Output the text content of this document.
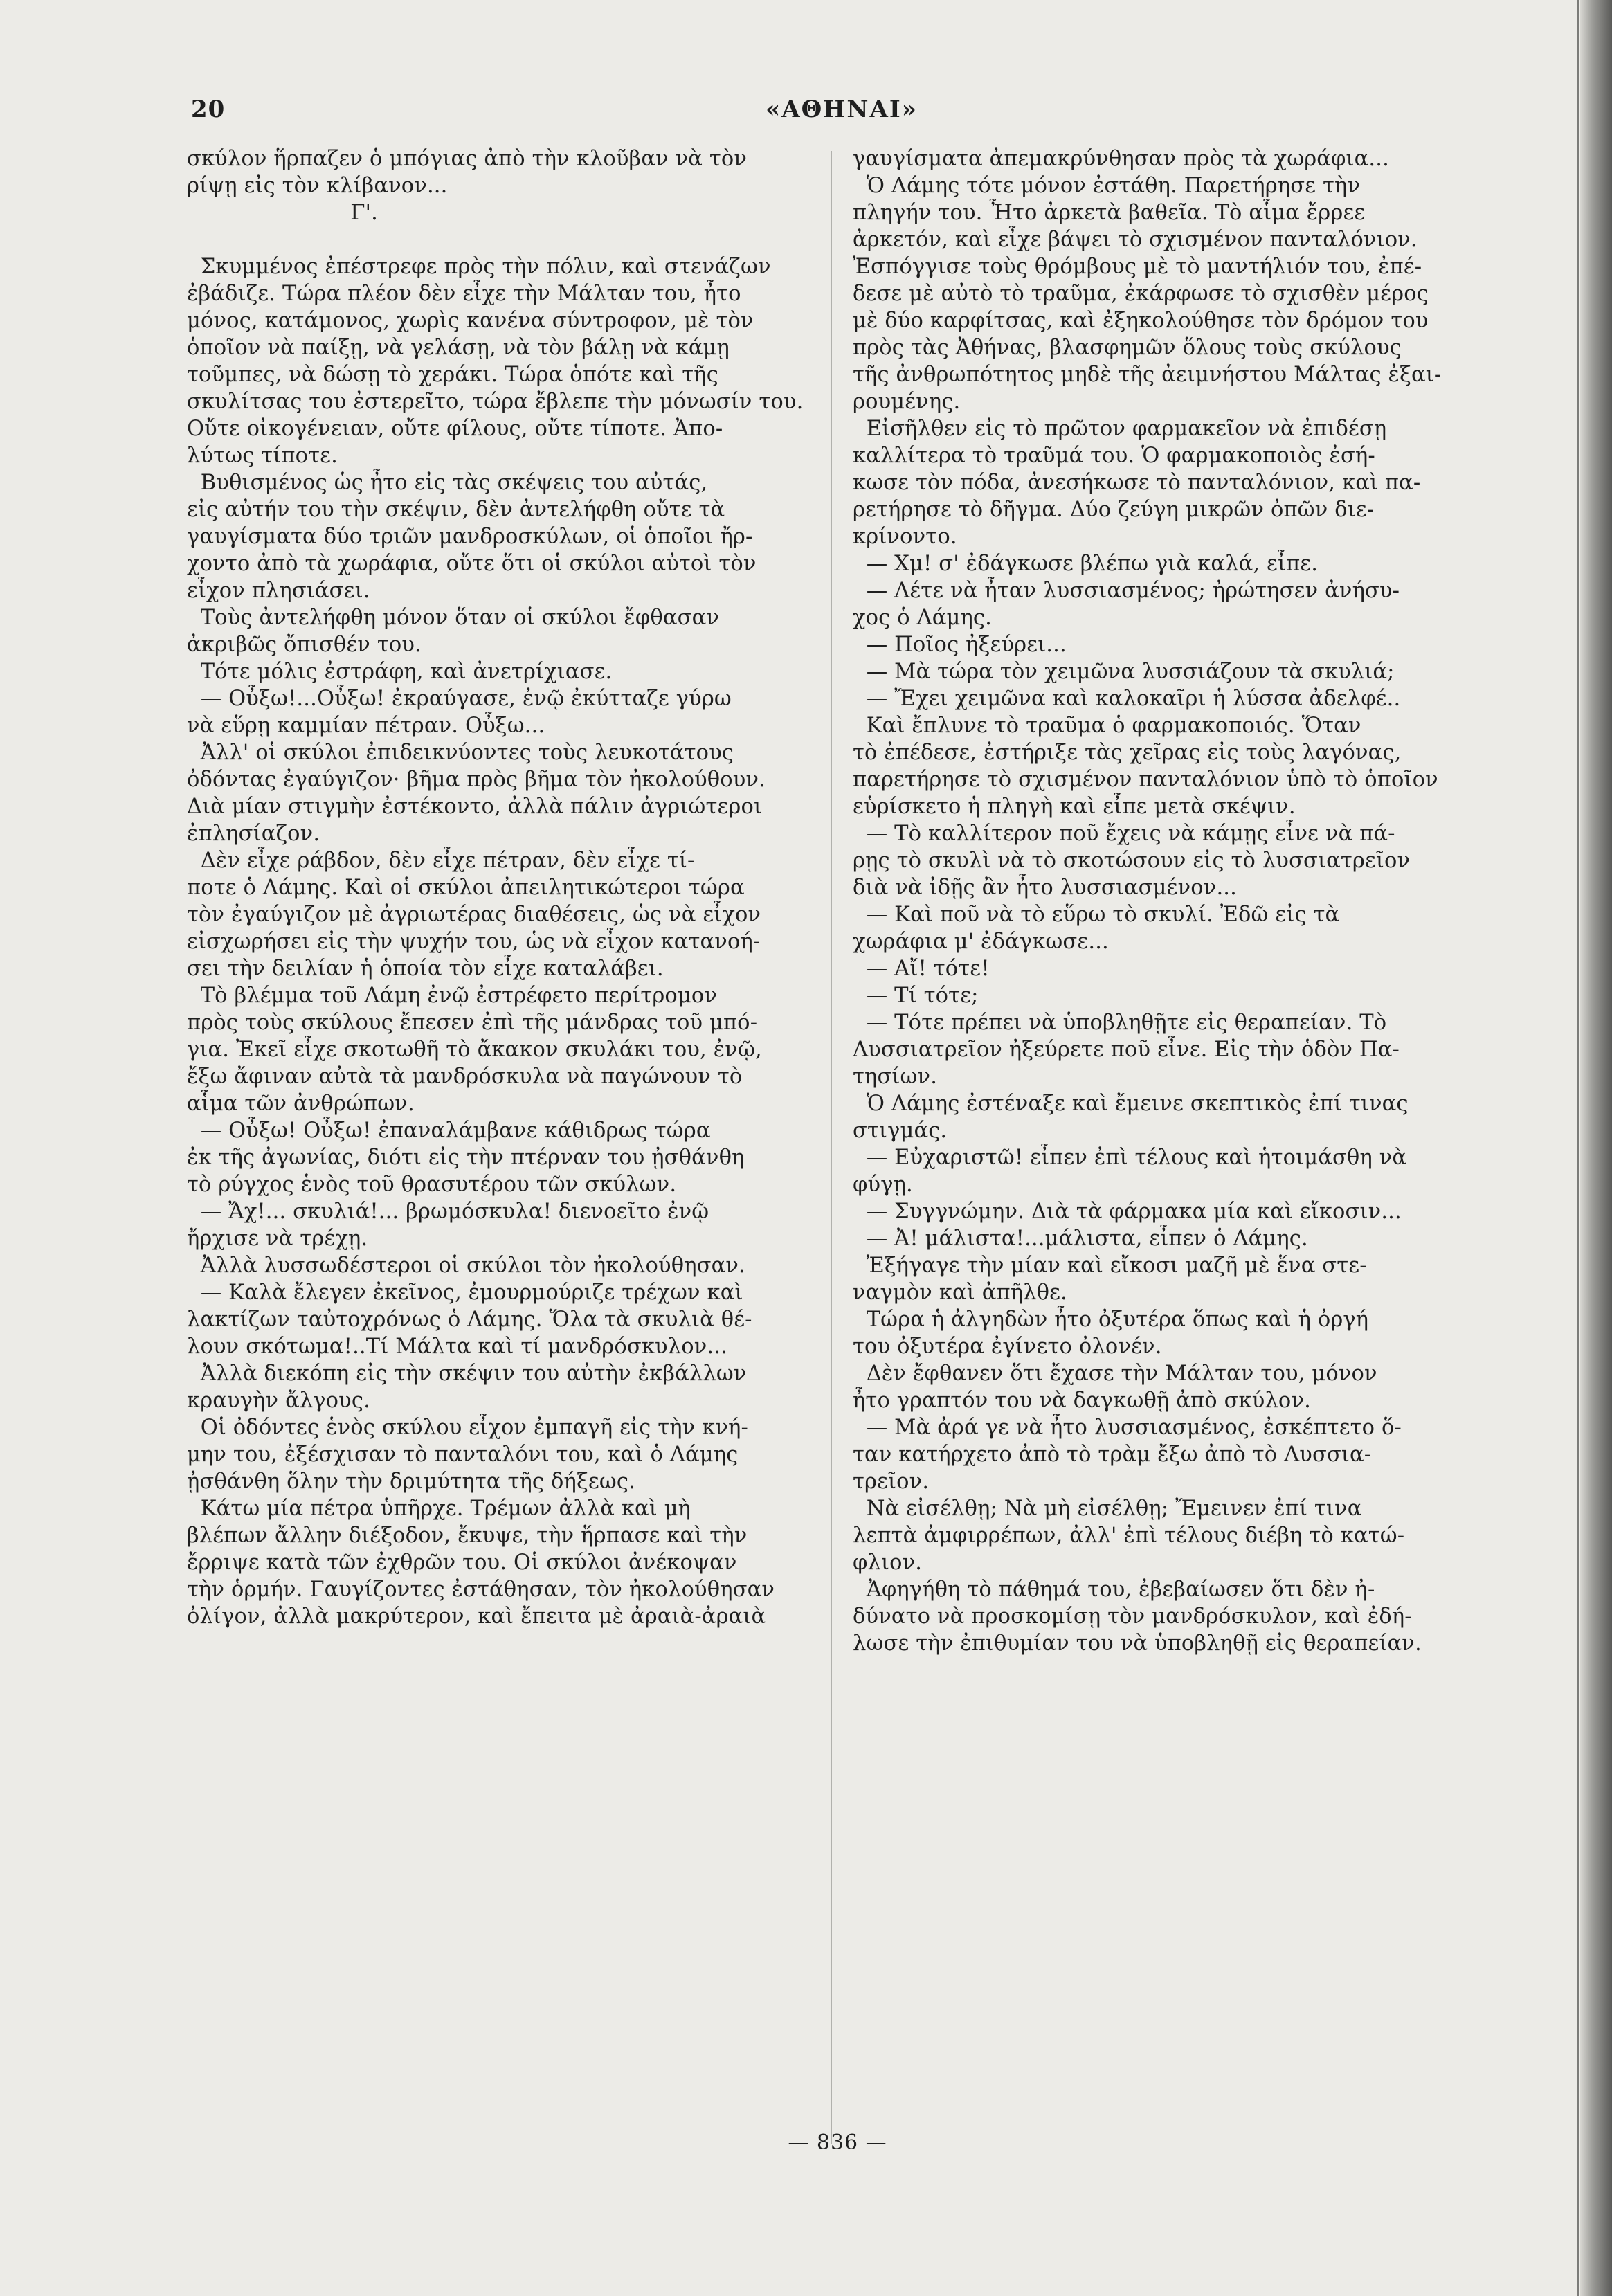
20	«ΑΘΗΝΑΙ»
σκύλον ἥρπαζεν ὁ μπόγιας ἀπὸ τὴν κλοῦβαν νὰ τὸν
ρίψῃ εἰς τὸν κλίβανον...
Γ'.
Σκυμμένος ἐπέστρεφε πρὸς τὴν πόλιν, καὶ στενάζων
ἐβάδιζε. Τώρα πλέον δὲν εἶχε τὴν Μάλταν του, ἦτο
μόνος, κατάμονος, χωρὶς κανένα σύντροφον, μὲ τὸν
ὁποῖον νὰ παίξῃ, νὰ γελάσῃ, νὰ τὸν βάλῃ νὰ κάμῃ
τοῦμπες, νὰ δώσῃ τὸ χεράκι. Τώρα ὁπότε καὶ τῆς
σκυλίτσας του ἐστερεῖτο, τώρα ἔβλεπε τὴν μόνωσίν του.
Οὔτε οἰκογένειαν, οὔτε φίλους, οὔτε τίποτε. Ἀπο-
λύτως τίποτε.
Βυθισμένος ὡς ἦτο εἰς τὰς σκέψεις του αὐτάς,
εἰς αὐτήν του τὴν σκέψιν, δὲν ἀντελήφθη οὔτε τὰ
γαυγίσματα δύο τριῶν μανδροσκύλων, οἱ ὁποῖοι ἤρ-
χοντο ἀπὸ τὰ χωράφια, οὔτε ὅτι οἱ σκύλοι αὐτοὶ τὸν
εἶχον πλησιάσει.
Τοὺς ἀντελήφθη μόνον ὅταν οἱ σκύλοι ἔφθασαν
ἀκριβῶς ὄπισθέν του.
Τότε μόλις ἐστράφη, καὶ ἀνετρίχιασε.
— Οὖξω!...Οὖξω! ἐκραύγασε, ἐνῷ ἐκύτταζε γύρω
νὰ εὕρῃ καμμίαν πέτραν. Οὖξω...
Ἀλλ' οἱ σκύλοι ἐπιδεικνύοντες τοὺς λευκοτάτους
ὀδόντας ἐγαύγιζον· βῆμα πρὸς βῆμα τὸν ἠκολούθουν.
Διὰ μίαν στιγμὴν ἐστέκοντο, ἀλλὰ πάλιν ἀγριώτεροι
ἐπλησίαζον.
Δὲν εἶχε ράβδον, δὲν εἶχε πέτραν, δὲν εἶχε τί-
ποτε ὁ Λάμης. Καὶ οἱ σκύλοι ἀπειλητικώτεροι τώρα
τὸν ἐγαύγιζον μὲ ἀγριωτέρας διαθέσεις, ὡς νὰ εἶχον
εἰσχωρήσει εἰς τὴν ψυχήν του, ὡς νὰ εἶχον κατανοή-
σει τὴν δειλίαν ἡ ὁποία τὸν εἶχε καταλάβει.
Τὸ βλέμμα τοῦ Λάμη ἐνῷ ἐστρέφετο περίτρομον
πρὸς τοὺς σκύλους ἔπεσεν ἐπὶ τῆς μάνδρας τοῦ μπό-
για. Ἐκεῖ εἶχε σκοτωθῆ τὸ ἄκακον σκυλάκι του, ἐνῷ,
ἔξω ἄφιναν αὐτὰ τὰ μανδρόσκυλα νὰ παγώνουν τὸ
αἷμα τῶν ἀνθρώπων.
— Οὖξω! Οὖξω! ἐπαναλάμβανε κάθιδρως τώρα
ἐκ τῆς ἀγωνίας, διότι εἰς τὴν πτέρναν του ᾐσθάνθη
τὸ ρύγχος ἑνὸς τοῦ θρασυτέρου τῶν σκύλων.
— Ἄχ!... σκυλιά!... βρωμόσκυλα! διενοεῖτο ἐνῷ
ἤρχισε νὰ τρέχῃ.
Ἀλλὰ λυσσωδέστεροι οἱ σκύλοι τὸν ἠκολούθησαν.
— Καλὰ ἔλεγεν ἐκεῖνος, ἐμουρμούριζε τρέχων καὶ
λακτίζων ταὐτοχρόνως ὁ Λάμης. Ὅλα τὰ σκυλιὰ θέ-
λουν σκότωμα!..Τί Μάλτα καὶ τί μανδρόσκυλον...
Ἀλλὰ διεκόπη εἰς τὴν σκέψιν του αὐτὴν ἐκβάλλων
κραυγὴν ἄλγους.
Οἱ ὀδόντες ἑνὸς σκύλου εἶχον ἐμπαγῆ εἰς τὴν κνή-
μην του, ἐξέσχισαν τὸ πανταλόνι του, καὶ ὁ Λάμης
ᾐσθάνθη ὅλην τὴν δριμύτητα τῆς δήξεως.
Κάτω μία πέτρα ὑπῆρχε. Τρέμων ἀλλὰ καὶ μὴ
βλέπων ἄλλην διέξοδον, ἔκυψε, τὴν ἥρπασε καὶ τὴν
ἔρριψε κατὰ τῶν ἐχθρῶν του. Οἱ σκύλοι ἀνέκοψαν
τὴν ὁρμήν. Γαυγίζοντες ἐστάθησαν, τὸν ἠκολούθησαν
ὀλίγον, ἀλλὰ μακρύτερον, καὶ ἔπειτα μὲ ἀραιὰ-ἀραιὰ
γαυγίσματα ἀπεμακρύνθησαν πρὸς τὰ χωράφια...
Ὁ Λάμης τότε μόνον ἐστάθη. Παρετήρησε τὴν
πληγήν του. Ἦτο ἀρκετὰ βαθεῖα. Τὸ αἷμα ἔρρεε
ἀρκετόν, καὶ εἶχε βάψει τὸ σχισμένον πανταλόνιον.
Ἐσπόγγισε τοὺς θρόμβους μὲ τὸ μαντήλιόν του, ἐπέ-
δεσε μὲ αὐτὸ τὸ τραῦμα, ἐκάρφωσε τὸ σχισθὲν μέρος
μὲ δύο καρφίτσας, καὶ ἐξηκολούθησε τὸν δρόμον του
πρὸς τὰς Ἀθήνας, βλασφημῶν ὅλους τοὺς σκύλους
τῆς ἀνθρωπότητος μηδὲ τῆς ἀειμνήστου Μάλτας ἐξαι-
ρουμένης.
Εἰσῆλθεν εἰς τὸ πρῶτον φαρμακεῖον νὰ ἐπιδέσῃ
καλλίτερα τὸ τραῦμά του. Ὁ φαρμακοποιὸς ἐσή-
κωσε τὸν πόδα, ἀνεσήκωσε τὸ πανταλόνιον, καὶ πα-
ρετήρησε τὸ δῆγμα. Δύο ζεύγη μικρῶν ὀπῶν διε-
κρίνοντο.
— Χμ! σ' ἐδάγκωσε βλέπω γιὰ καλά, εἶπε.
— Λέτε νὰ ἦταν λυσσιασμένος; ἠρώτησεν ἀνήσυ-
χος ὁ Λάμης.
— Ποῖος ἠξεύρει...
— Μὰ τώρα τὸν χειμῶνα λυσσιάζουν τὰ σκυλιά;
— Ἔχει χειμῶνα καὶ καλοκαῖρι ἡ λύσσα ἀδελφέ..
Καὶ ἔπλυνε τὸ τραῦμα ὁ φαρμακοποιός. Ὅταν
τὸ ἐπέδεσε, ἐστήριξε τὰς χεῖρας εἰς τοὺς λαγόνας,
παρετήρησε τὸ σχισμένον πανταλόνιον ὑπὸ τὸ ὁποῖον
εὑρίσκετο ἡ πληγὴ καὶ εἶπε μετὰ σκέψιν.
— Τὸ καλλίτερον ποῦ ἔχεις νὰ κάμῃς εἶνε νὰ πά-
ρῃς τὸ σκυλὶ νὰ τὸ σκοτώσουν εἰς τὸ λυσσιατρεῖον
διὰ νὰ ἰδῇς ἂν ἦτο λυσσιασμένον...
— Καὶ ποῦ νὰ τὸ εὕρω τὸ σκυλί. Ἐδῶ εἰς τὰ
χωράφια μ' ἐδάγκωσε...
— Αἴ! τότε!
— Τί τότε;
— Τότε πρέπει νὰ ὑποβληθῇτε εἰς θεραπείαν. Τὸ
Λυσσιατρεῖον ἠξεύρετε ποῦ εἶνε. Εἰς τὴν ὁδὸν Πα-
τησίων.
Ὁ Λάμης ἐστέναξε καὶ ἔμεινε σκεπτικὸς ἐπί τινας
στιγμάς.
— Εὐχαριστῶ! εἶπεν ἐπὶ τέλους καὶ ἡτοιμάσθη νὰ
φύγῃ.
— Συγγνώμην. Διὰ τὰ φάρμακα μία καὶ εἴκοσιν...
— Ἀ! μάλιστα!...μάλιστα, εἶπεν ὁ Λάμης.
Ἐξήγαγε τὴν μίαν καὶ εἴκοσι μαζῆ μὲ ἕνα στε-
ναγμὸν καὶ ἀπῆλθε.
Τώρα ἡ ἀλγηδὼν ἦτο ὀξυτέρα ὅπως καὶ ἡ ὀργή
του ὀξυτέρα ἐγίνετο ὀλονέν.
Δὲν ἔφθανεν ὅτι ἔχασε τὴν Μάλταν του, μόνον
ἦτο γραπτόν του νὰ δαγκωθῇ ἀπὸ σκύλον.
— Μὰ ἀρά γε νὰ ἦτο λυσσιασμένος, ἐσκέπτετο ὅ-
ταν κατήρχετο ἀπὸ τὸ τρὰμ ἔξω ἀπὸ τὸ Λυσσια-
τρεῖον.
Νὰ εἰσέλθῃ; Νὰ μὴ εἰσέλθῃ; Ἔμεινεν ἐπί τινα
λεπτὰ ἀμφιρρέπων, ἀλλ' ἐπὶ τέλους διέβη τὸ κατώ-
φλιον.
Ἀφηγήθη τὸ πάθημά του, ἐβεβαίωσεν ὅτι δὲν ἠ-
δύνατο νὰ προσκομίσῃ τὸν μανδρόσκυλον, καὶ ἐδή-
λωσε τὴν ἐπιθυμίαν του νὰ ὑποβληθῇ εἰς θεραπείαν.
— 836 —
